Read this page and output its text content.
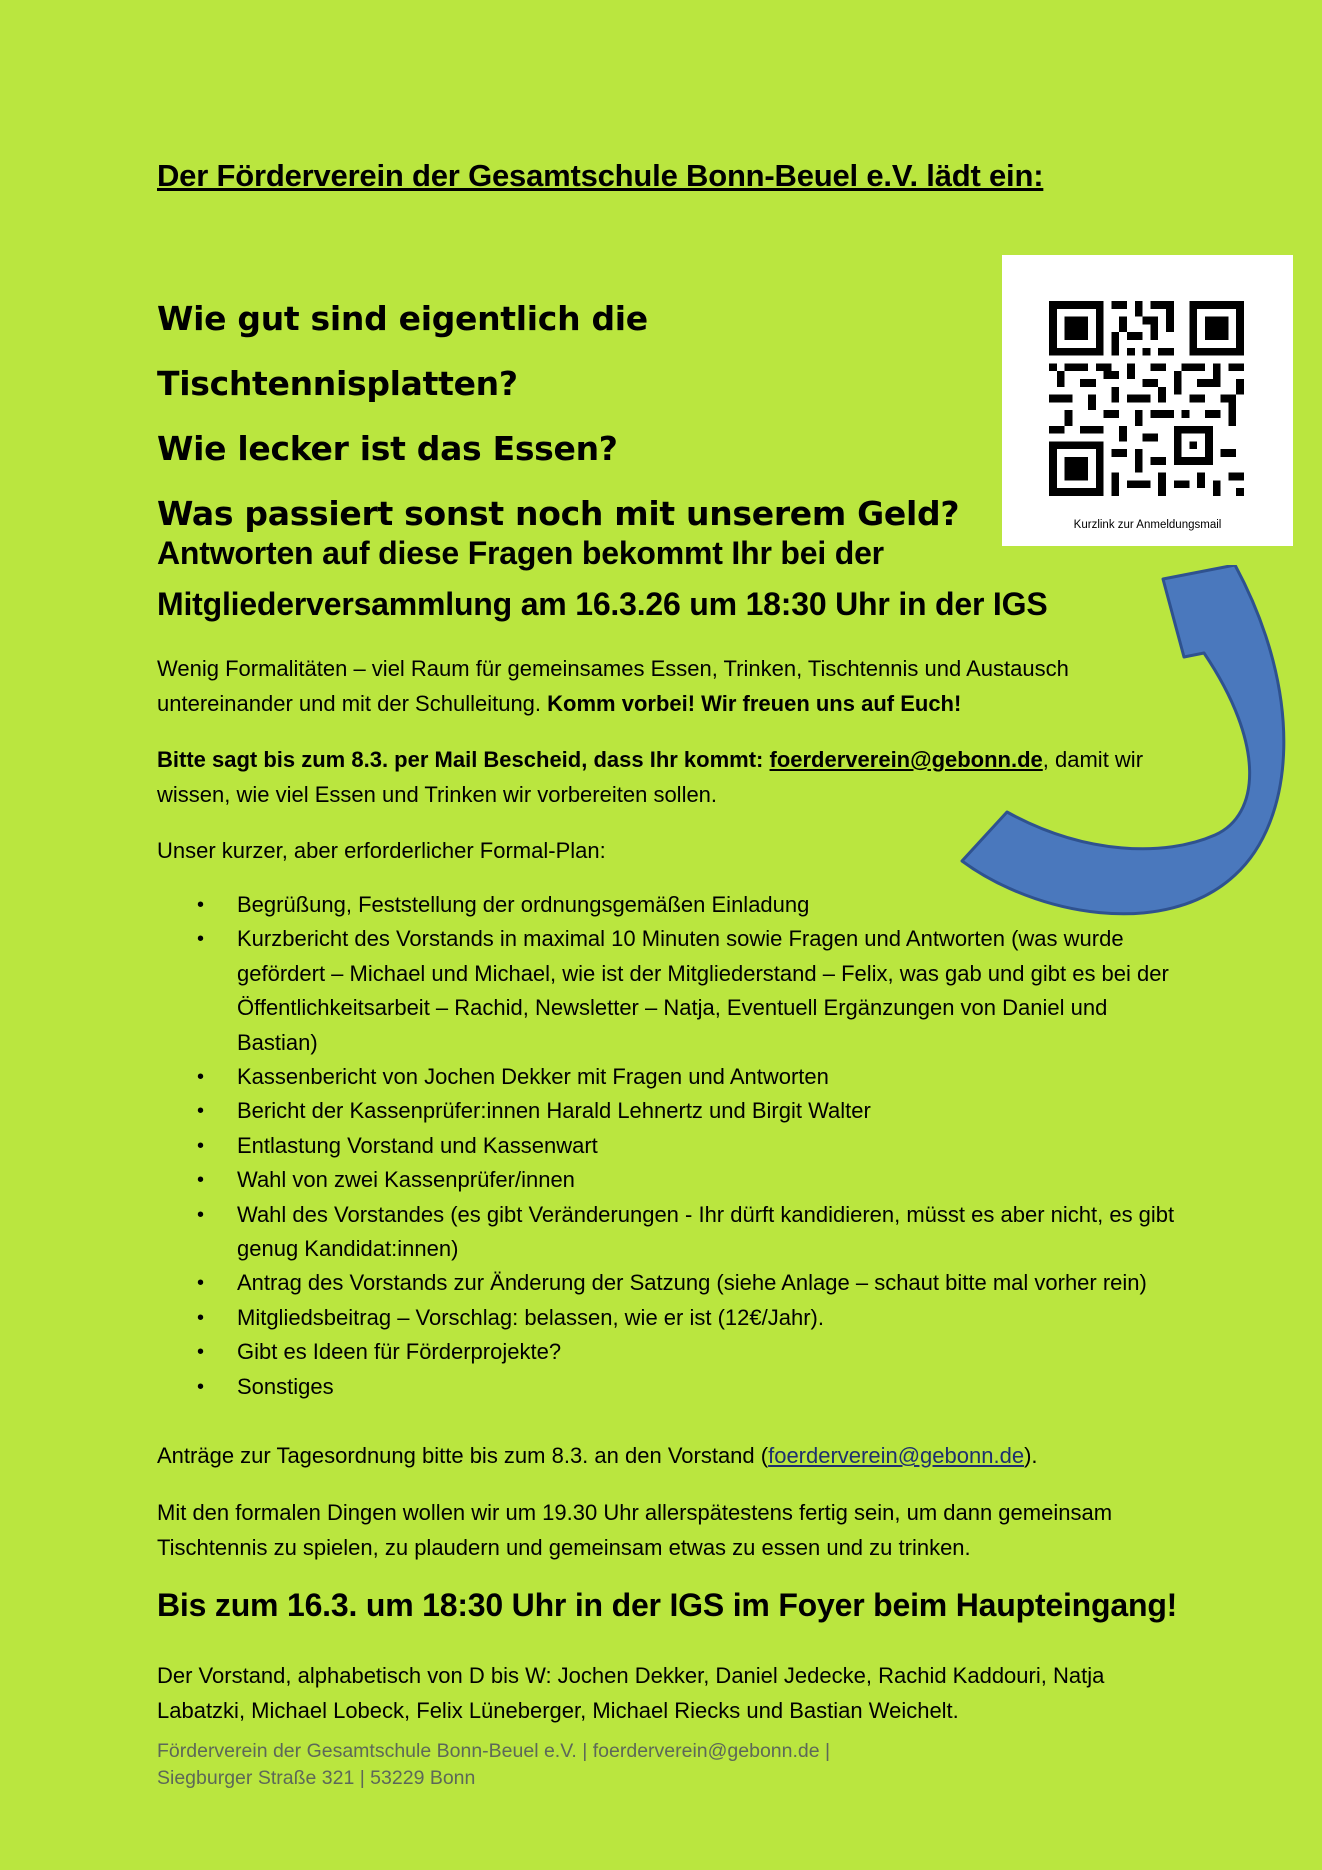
Der Förderverein der Gesamtschule Bonn-Beuel e.V. lädt ein:
Wie gut sind eigentlich die Tischtennisplatten?
Wie lecker ist das Essen?
Was passiert sonst noch mit unserem Geld?
Antworten auf diese Fragen bekommt Ihr bei der Mitgliederversammlung am 16.3.26 um 18:30 Uhr in der IGS
Wenig Formalitäten – viel Raum für gemeinsames Essen, Trinken, Tischtennis und Austausch untereinander und mit der Schulleitung. Komm vorbei! Wir freuen uns auf Euch!
Bitte sagt bis zum 8.3. per Mail Bescheid, dass Ihr kommt: foerderverein@gebonn.de, damit wir wissen, wie viel Essen und Trinken wir vorbereiten sollen.
Unser kurzer, aber erforderlicher Formal-Plan:
• Begrüßung, Feststellung der ordnungsgemäßen Einladung
• Kurzbericht des Vorstands in maximal 10 Minuten sowie Fragen und Antworten (was wurde gefördert – Michael und Michael, wie ist der Mitgliederstand – Felix, was gab und gibt es bei der Öffentlichkeitsarbeit – Rachid, Newsletter – Natja, Eventuell Ergänzungen von Daniel und Bastian)
• Kassenbericht von Jochen Dekker mit Fragen und Antworten
• Bericht der Kassenprüfer:innen Harald Lehnertz und Birgit Walter
• Entlastung Vorstand und Kassenwart
• Wahl von zwei Kassenprüfer/innen
• Wahl des Vorstandes (es gibt Veränderungen - Ihr dürft kandidieren, müsst es aber nicht, es gibt genug Kandidat:innen)
• Antrag des Vorstands zur Änderung der Satzung (siehe Anlage – schaut bitte mal vorher rein)
• Mitgliedsbeitrag – Vorschlag: belassen, wie er ist (12€/Jahr).
• Gibt es Ideen für Förderprojekte?
• Sonstiges
Anträge zur Tagesordnung bitte bis zum 8.3. an den Vorstand (foerderverein@gebonn.de).
Mit den formalen Dingen wollen wir um 19.30 Uhr allerspätestens fertig sein, um dann gemeinsam Tischtennis zu spielen, zu plaudern und gemeinsam etwas zu essen und zu trinken.
Bis zum 16.3. um 18:30 Uhr in der IGS im Foyer beim Haupteingang!
Der Vorstand, alphabetisch von D bis W: Jochen Dekker, Daniel Jedecke, Rachid Kaddouri, Natja Labatzki, Michael Lobeck, Felix Lüneberger, Michael Riecks und Bastian Weichelt.
Förderverein der Gesamtschule Bonn-Beuel e.V. | foerderverein@gebonn.de |
Siegburger Straße 321 | 53229 Bonn
Kurzlink zur Anmeldungsmail
